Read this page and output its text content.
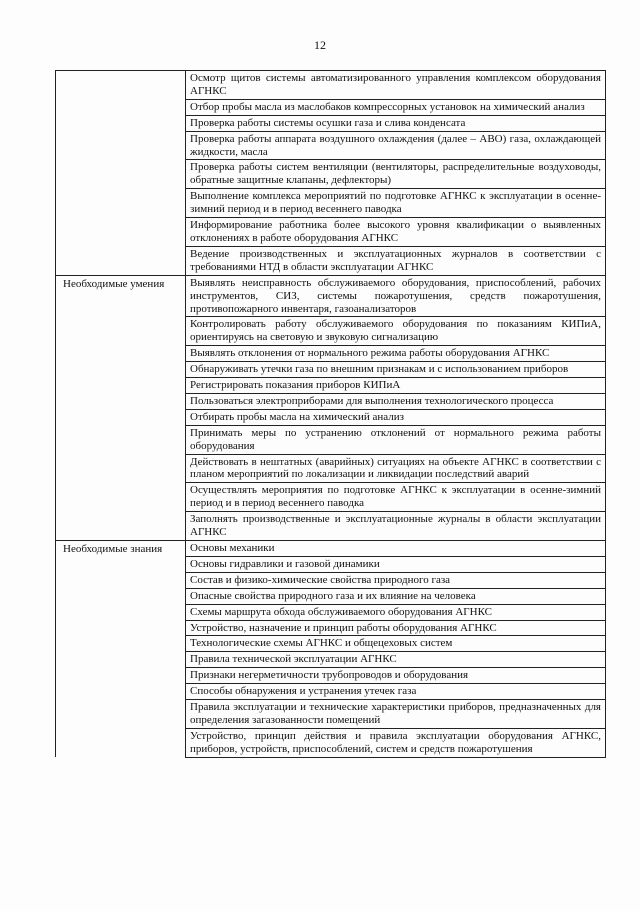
12

	Осмотр щитов системы автоматизированного управления комплексом оборудования АГНКС

	Отбор пробы масла из маслобаков компрессорных установок на химический анализ

	Проверка работы системы осушки газа и слива конденсата

	Проверка работы аппарата воздушного охлаждения (далее – АВО) газа, охлаждающей жидкости, масла

	Проверка работы систем вентиляции (вентиляторы, распределительные воздуховоды, обратные защитные клапаны, дефлекторы)

	Выполнение комплекса мероприятий по подготовке АГНКС к эксплуатации в осенне-зимний период и в период весеннего паводка

	Информирование работника более высокого уровня квалификации о выявленных отклонениях в работе оборудования АГНКС

	Ведение производственных и эксплуатационных журналов в соответствии с требованиями НТД в области эксплуатации АГНКС

Необходимые умения	Выявлять неисправность обслуживаемого оборудования, приспособлений, рабочих инструментов, СИЗ, системы пожаротушения, средств пожаротушения, противопожарного инвентаря, газоанализаторов

	Контролировать работу обслуживаемого оборудования по показаниям КИПиА, ориентируясь на световую и звуковую сигнализацию

	Выявлять отклонения от нормального режима работы оборудования АГНКС

	Обнаруживать утечки газа по внешним признакам и с использованием приборов

	Регистрировать показания приборов КИПиА

	Пользоваться электроприборами для выполнения технологического процесса

	Отбирать пробы масла на химический анализ

	Принимать меры по устранению отклонений от нормального режима работы оборудования

	Действовать в нештатных (аварийных) ситуациях на объекте АГНКС в соответствии с планом мероприятий по локализации и ликвидации последствий аварий

	Осуществлять мероприятия по подготовке АГНКС к эксплуатации в осенне-зимний период и в период весеннего паводка

	Заполнять производственные и эксплуатационные журналы в области эксплуатации АГНКС

Необходимые знания	Основы механики

	Основы гидравлики и газовой динамики

	Состав и физико-химические свойства природного газа

	Опасные свойства природного газа и их влияние на человека

	Схемы маршрута обхода обслуживаемого оборудования АГНКС

	Устройство, назначение и принцип работы оборудования АГНКС

	Технологические схемы АГНКС и общецеховых систем

	Правила технической эксплуатации АГНКС

	Признаки негерметичности трубопроводов и оборудования

	Способы обнаружения и устранения утечек газа

	Правила эксплуатации и технические характеристики приборов, предназначенных для определения загазованности помещений

	Устройство, принцип действия и правила эксплуатации оборудования АГНКС, приборов, устройств, приспособлений, систем и средств пожаротушения
